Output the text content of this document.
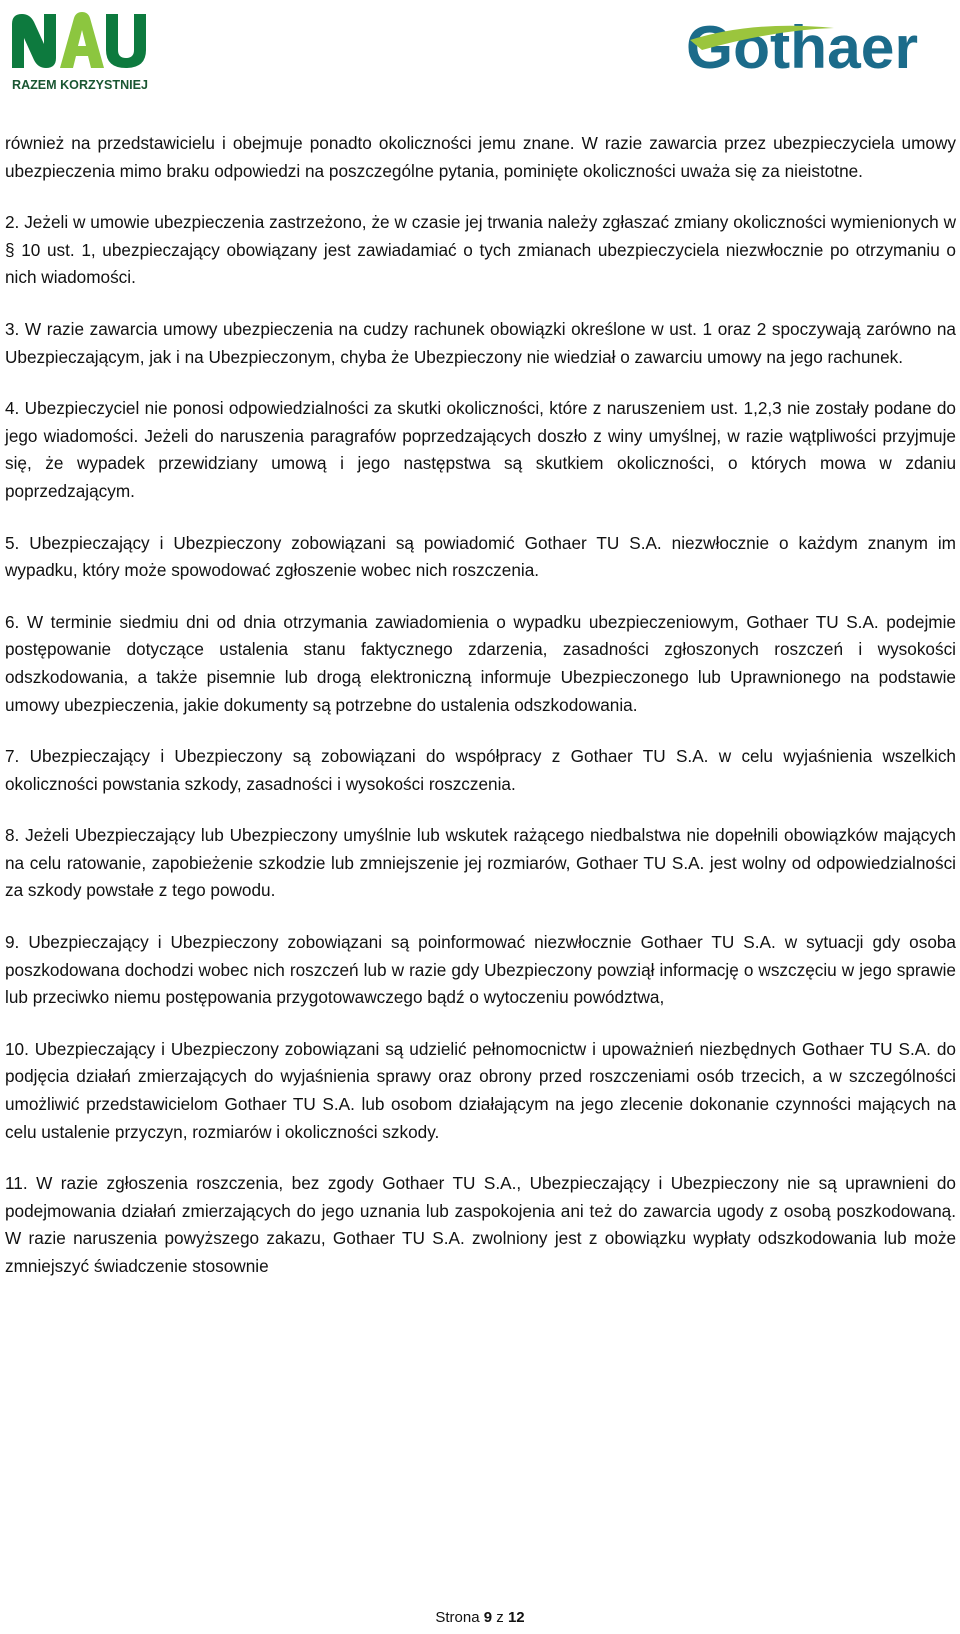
RAZEM KORZYSTNIEJ
Gothaer

również na przedstawicielu i obejmuje ponadto okoliczności jemu znane. W razie zawarcia przez ubezpieczyciela umowy ubezpieczenia mimo braku odpowiedzi na poszczególne pytania, pominięte okoliczności uważa się za nieistotne.

2. Jeżeli w umowie ubezpieczenia zastrzeżono, że w czasie jej trwania należy zgłaszać zmiany okoliczności wymienionych w § 10 ust. 1, ubezpieczający obowiązany jest zawiadamiać o tych zmianach ubezpieczyciela niezwłocznie po otrzymaniu o nich wiadomości.

3. W razie zawarcia umowy ubezpieczenia na cudzy rachunek obowiązki określone w ust. 1 oraz 2 spoczywają zarówno na Ubezpieczającym, jak i na Ubezpieczonym, chyba że Ubezpieczony nie wiedział o zawarciu umowy na jego rachunek.

4. Ubezpieczyciel nie ponosi odpowiedzialności za skutki okoliczności, które z naruszeniem ust. 1,2,3 nie zostały podane do jego wiadomości. Jeżeli do naruszenia paragrafów poprzedzających doszło z winy umyślnej, w razie wątpliwości przyjmuje się, że wypadek przewidziany umową i jego następstwa są skutkiem okoliczności, o których mowa w zdaniu poprzedzającym.

5. Ubezpieczający i Ubezpieczony zobowiązani są powiadomić Gothaer TU S.A. niezwłocznie o każdym znanym im wypadku, który może spowodować zgłoszenie wobec nich roszczenia.

6. W terminie siedmiu dni od dnia otrzymania zawiadomienia o wypadku ubezpieczeniowym, Gothaer TU S.A. podejmie postępowanie dotyczące ustalenia stanu faktycznego zdarzenia, zasadności zgłoszonych roszczeń i wysokości odszkodowania, a także pisemnie lub drogą elektroniczną informuje Ubezpieczonego lub Uprawnionego na podstawie umowy ubezpieczenia, jakie dokumenty są potrzebne do ustalenia odszkodowania.

7. Ubezpieczający i Ubezpieczony są zobowiązani do współpracy z Gothaer TU S.A. w celu wyjaśnienia wszelkich okoliczności powstania szkody, zasadności i wysokości roszczenia.

8. Jeżeli Ubezpieczający lub Ubezpieczony umyślnie lub wskutek rażącego niedbalstwa nie dopełnili obowiązków mających na celu ratowanie, zapobieżenie szkodzie lub zmniejszenie jej rozmiarów, Gothaer TU S.A. jest wolny od odpowiedzialności za szkody powstałe z tego powodu.

9. Ubezpieczający i Ubezpieczony zobowiązani są poinformować niezwłocznie Gothaer TU S.A. w sytuacji gdy osoba poszkodowana dochodzi wobec nich roszczeń lub w razie gdy Ubezpieczony powziął informację o wszczęciu w jego sprawie lub przeciwko niemu postępowania przygotowawczego bądź o wytoczeniu powództwa,

10. Ubezpieczający i Ubezpieczony zobowiązani są udzielić pełnomocnictw i upoważnień niezbędnych Gothaer TU S.A. do podjęcia działań zmierzających do wyjaśnienia sprawy oraz obrony przed roszczeniami osób trzecich, a w szczególności umożliwić przedstawicielom Gothaer TU S.A. lub osobom działającym na jego zlecenie dokonanie czynności mających na celu ustalenie przyczyn, rozmiarów i okoliczności szkody.

11. W razie zgłoszenia roszczenia, bez zgody Gothaer TU S.A., Ubezpieczający i Ubezpieczony nie są uprawnieni do podejmowania działań zmierzających do jego uznania lub zaspokojenia ani też do zawarcia ugody z osobą poszkodowaną. W razie naruszenia powyższego zakazu, Gothaer TU S.A. zwolniony jest z obowiązku wypłaty odszkodowania lub może zmniejszyć świadczenie stosownie

Strona 9 z 12
